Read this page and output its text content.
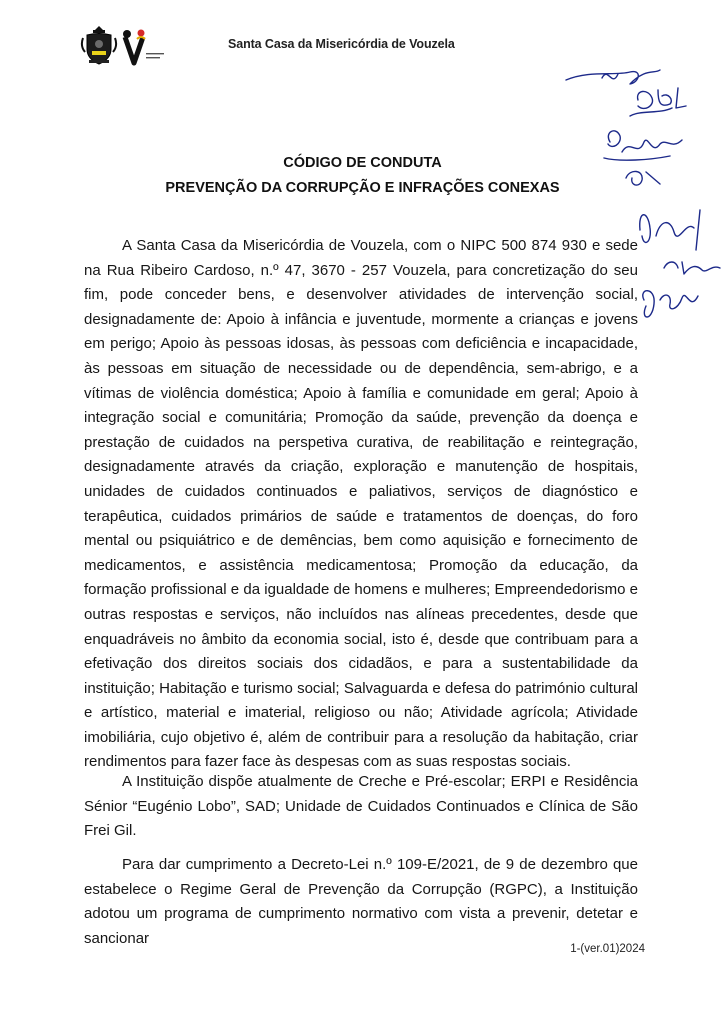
Santa Casa da Misericórdia de Vouzela
CÓDIGO DE CONDUTA
PREVENÇÃO DA CORRUPÇÃO E INFRAÇÕES CONEXAS

A Santa Casa da Misericórdia de Vouzela, com o NIPC 500 874 930 e sede na Rua Ribeiro Cardoso, n.º 47, 3670 - 257 Vouzela, para concretização do seu fim, pode conceder bens, e desenvolver atividades de intervenção social, designadamente de: Apoio à infância e juventude, mormente a crianças e jovens em perigo; Apoio às pessoas idosas, às pessoas com deficiência e incapacidade, às pessoas em situação de necessidade ou de dependência, sem-abrigo, e a vítimas de violência doméstica; Apoio à família e comunidade em geral; Apoio à integração social e comunitária; Promoção da saúde, prevenção da doença e prestação de cuidados na perspetiva curativa, de reabilitação e reintegração, designadamente através da criação, exploração e manutenção de hospitais, unidades de cuidados continuados e paliativos, serviços de diagnóstico e terapêutica, cuidados primários de saúde e tratamentos de doenças, do foro mental ou psiquiátrico e de demências, bem como aquisição e fornecimento de medicamentos, e assistência medicamentosa; Promoção da educação, da formação profissional e da igualdade de homens e mulheres; Empreendedorismo e outras respostas e serviços, não incluídos nas alíneas precedentes, desde que enquadráveis no âmbito da economia social, isto é, desde que contribuam para a efetivação dos direitos sociais dos cidadãos, e para a sustentabilidade da instituição; Habitação e turismo social; Salvaguarda e defesa do património cultural e artístico, material e imaterial, religioso ou não; Atividade agrícola; Atividade imobiliária, cujo objetivo é, além de contribuir para a resolução da habitação, criar rendimentos para fazer face às despesas com as suas respostas sociais.

A Instituição dispõe atualmente de Creche e Pré-escolar; ERPI e Residência Sénior “Eugénio Lobo”, SAD; Unidade de Cuidados Continuados e Clínica de São Frei Gil.

Para dar cumprimento a Decreto-Lei n.º 109-E/2021, de 9 de dezembro que estabelece o Regime Geral de Prevenção da Corrupção (RGPC), a Instituição adotou um programa de cumprimento normativo com vista a prevenir, detetar e sancionar

1-(ver.01)2024
